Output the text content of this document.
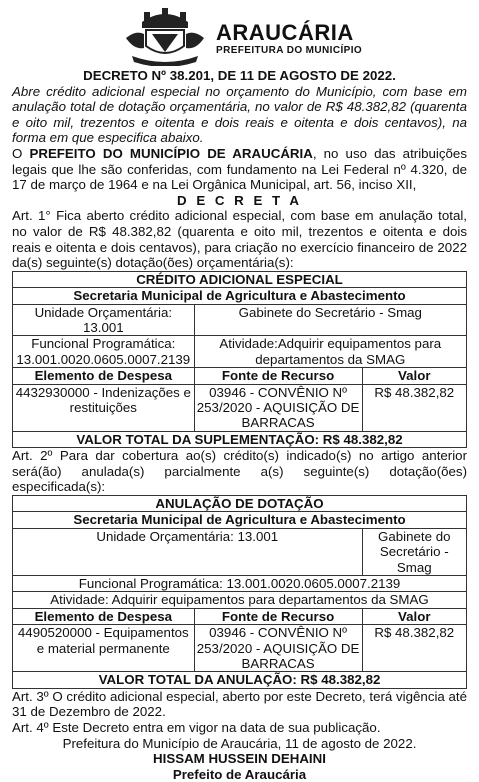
ARAUCÁRIA
PREFEITURA DO MUNICÍPIO

DECRETO Nº 38.201, DE 11 DE AGOSTO DE 2022.

Abre crédito adicional especial no orçamento do Município, com base em anulação total de dotação orçamentária, no valor de R$ 48.382,82 (quarenta e oito mil, trezentos e oitenta e dois reais e oitenta e dois centavos), na forma em que especifica abaixo.

O PREFEITO DO MUNICÍPIO DE ARAUCÁRIA, no uso das atribuições legais que lhe são conferidas, com fundamento na Lei Federal nº 4.320, de 17 de março de 1964 e na Lei Orgânica Municipal, art. 56, inciso XII,

D E C R E T A

Art. 1° Fica aberto crédito adicional especial, com base em anulação total, no valor de R$ 48.382,82 (quarenta e oito mil, trezentos e oitenta e dois reais e oitenta e dois centavos), para criação no exercício financeiro de 2022 da(s) seguinte(s) dotação(ões) orçamentária(s):

CRÉDITO ADICIONAL ESPECIAL		
Secretaria Municipal de Agricultura e Abastecimento		
Unidade Orçamentária: 13.001	Gabinete do Secretário - Smag	
Funcional Programática: 13.001.0020.0605.0007.2139	Atividade:Adquirir equipamentos para departamentos da SMAG	
Elemento de Despesa	Fonte de Recurso	Valor
4432930000 - Indenizações e restituições	03946 - CONVÊNIO Nº 253/2020 - AQUISIÇÃO DE BARRACAS	R$ 48.382,82
VALOR TOTAL DA SUPLEMENTAÇÃO: R$ 48.382,82		

Art. 2º Para dar cobertura ao(s) crédito(s) indicado(s) no artigo anterior será(ão) anulada(s) parcialmente a(s) seguinte(s) dotação(ões) especificada(s):

ANULAÇÃO DE DOTAÇÃO		
Secretaria Municipal de Agricultura e Abastecimento		
Unidade Orçamentária: 13.001		Gabinete do Secretário - Smag
Funcional Programática: 13.001.0020.0605.0007.2139		
Atividade: Adquirir equipamentos para departamentos da SMAG		
Elemento de Despesa	Fonte de Recurso	Valor
4490520000 - Equipamentos e material permanente	03946 - CONVÊNIO Nº 253/2020 - AQUISIÇÃO DE BARRACAS	R$ 48.382,82
VALOR TOTAL DA ANULAÇÃO: R$ 48.382,82		

Art. 3º O crédito adicional especial, aberto por este Decreto, terá vigência até 31 de Dezembro de 2022.

Art. 4º Este Decreto entra em vigor na data de sua publicação.

Prefeitura do Município de Araucária, 11 de agosto de 2022.

HISSAM HUSSEIN DEHAINI

Prefeito de Araucária
